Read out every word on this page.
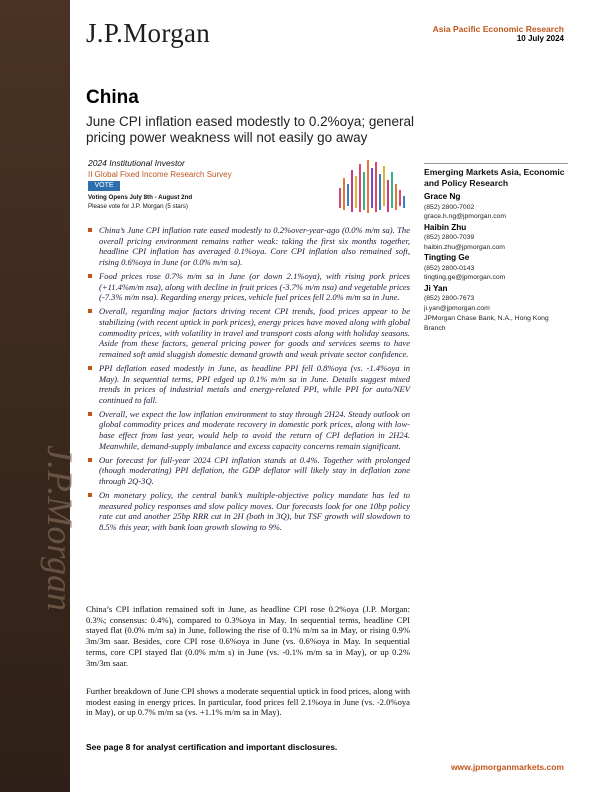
J.P.Morgan
J.P.Morgan	Asia Pacific Economic Research
10 July 2024
China
June CPI inflation eased modestly to 0.2%oya; general pricing power weakness will not easily go away
2024 Institutional Investor
II Global Fixed Income Research Survey
VOTE
Voting Opens July 8th - August 2nd
Please vote for J.P. Morgan (5 stars)
China’s June CPI inflation rate eased modestly to 0.2%over-year-ago (0.0% m/m sa). The overall pricing environment remains rather weak: taking the first six months together, headline CPI inflation has averaged 0.1%oya. Core CPI inflation also remained soft, rising 0.6%oya in June (or 0.0% m/m sa).
Food prices rose 0.7% m/m sa in June (or down 2.1%oya), with rising pork prices (+11.4%m/m nsa), along with decline in fruit prices (-3.7% m/m nsa) and vegetable prices (-7.3% m/m nsa). Regarding energy prices, vehicle fuel prices fell 2.0% m/m sa in June.
Overall, regarding major factors driving recent CPI trends, food prices appear to be stabilizing (with recent uptick in pork prices), energy prices have moved along with global commodity prices, with volatility in travel and transport costs along with holiday seasons. Aside from these factors, general pricing power for goods and services seems to have remained soft amid sluggish domestic demand growth and weak private sector confidence.
PPI deflation eased modestly in June, as headline PPI fell 0.8%oya (vs. -1.4%oya in May). In sequential terms, PPI edged up 0.1% m/m sa in June. Details suggest mixed trends in prices of industrial metals and energy-related PPI, while PPI for auto/NEV continued to fall.
Overall, we expect the low inflation environment to stay through 2H24. Steady outlook on global commodity prices and moderate recovery in domestic pork prices, along with low-base effect from last year, would help to avoid the return of CPI deflation in 2H24. Meanwhile, demand-supply imbalance and excess capacity concerns remain significant.
Our forecast for full-year 2024 CPI inflation stands at 0.4%. Together with prolonged (though moderating) PPI deflation, the GDP deflator will likely stay in deflation zone through 2Q-3Q.
On monetary policy, the central bank’s multiple-objective policy mandate has led to measured policy responses and slow policy moves. Our forecasts look for one 10bp policy rate cut and another 25bp RRR cut in 2H (both in 3Q), but TSF growth will slowdown to 8.5% this year, with bank loan growth slowing to 9%.

China’s CPI inflation remained soft in June, as headline CPI rose 0.2%oya (J.P. Morgan: 0.3%; consensus: 0.4%), compared to 0.3%oya in May. In sequential terms, headline CPI stayed flat (0.0% m/m sa) in June, following the rise of 0.1% m/m sa in May, or rising 0.9% 3m/3m saar. Besides, core CPI rose 0.6%oya in June (vs. 0.6%oya in May. In sequential terms, core CPI stayed flat (0.0% m/m s) in June (vs. -0.1% m/m sa in May), or up 0.2% 3m/3m saar.

Further breakdown of June CPI shows a moderate sequential uptick in food prices, along with modest easing in energy prices. In particular, food prices fell 2.1%oya in June (vs. -2.0%oya in May), or up 0.7% m/m sa (vs. +1.1% m/m sa in May).

See page 8 for analyst certification and important disclosures.
www.jpmorganmarkets.com
Emerging Markets Asia, Economic and Policy Research
Grace Ng
(852) 2800-7002
grace.h.ng@jpmorgan.com
Haibin Zhu
(852) 2800-7039
haibin.zhu@jpmorgan.com
Tingting Ge
(852) 2800-0143
tingting.ge@jpmorgan.com
Ji Yan
(852) 2800-7673
ji.yan@jpmorgan.com
JPMorgan Chase Bank, N.A., Hong Kong Branch
